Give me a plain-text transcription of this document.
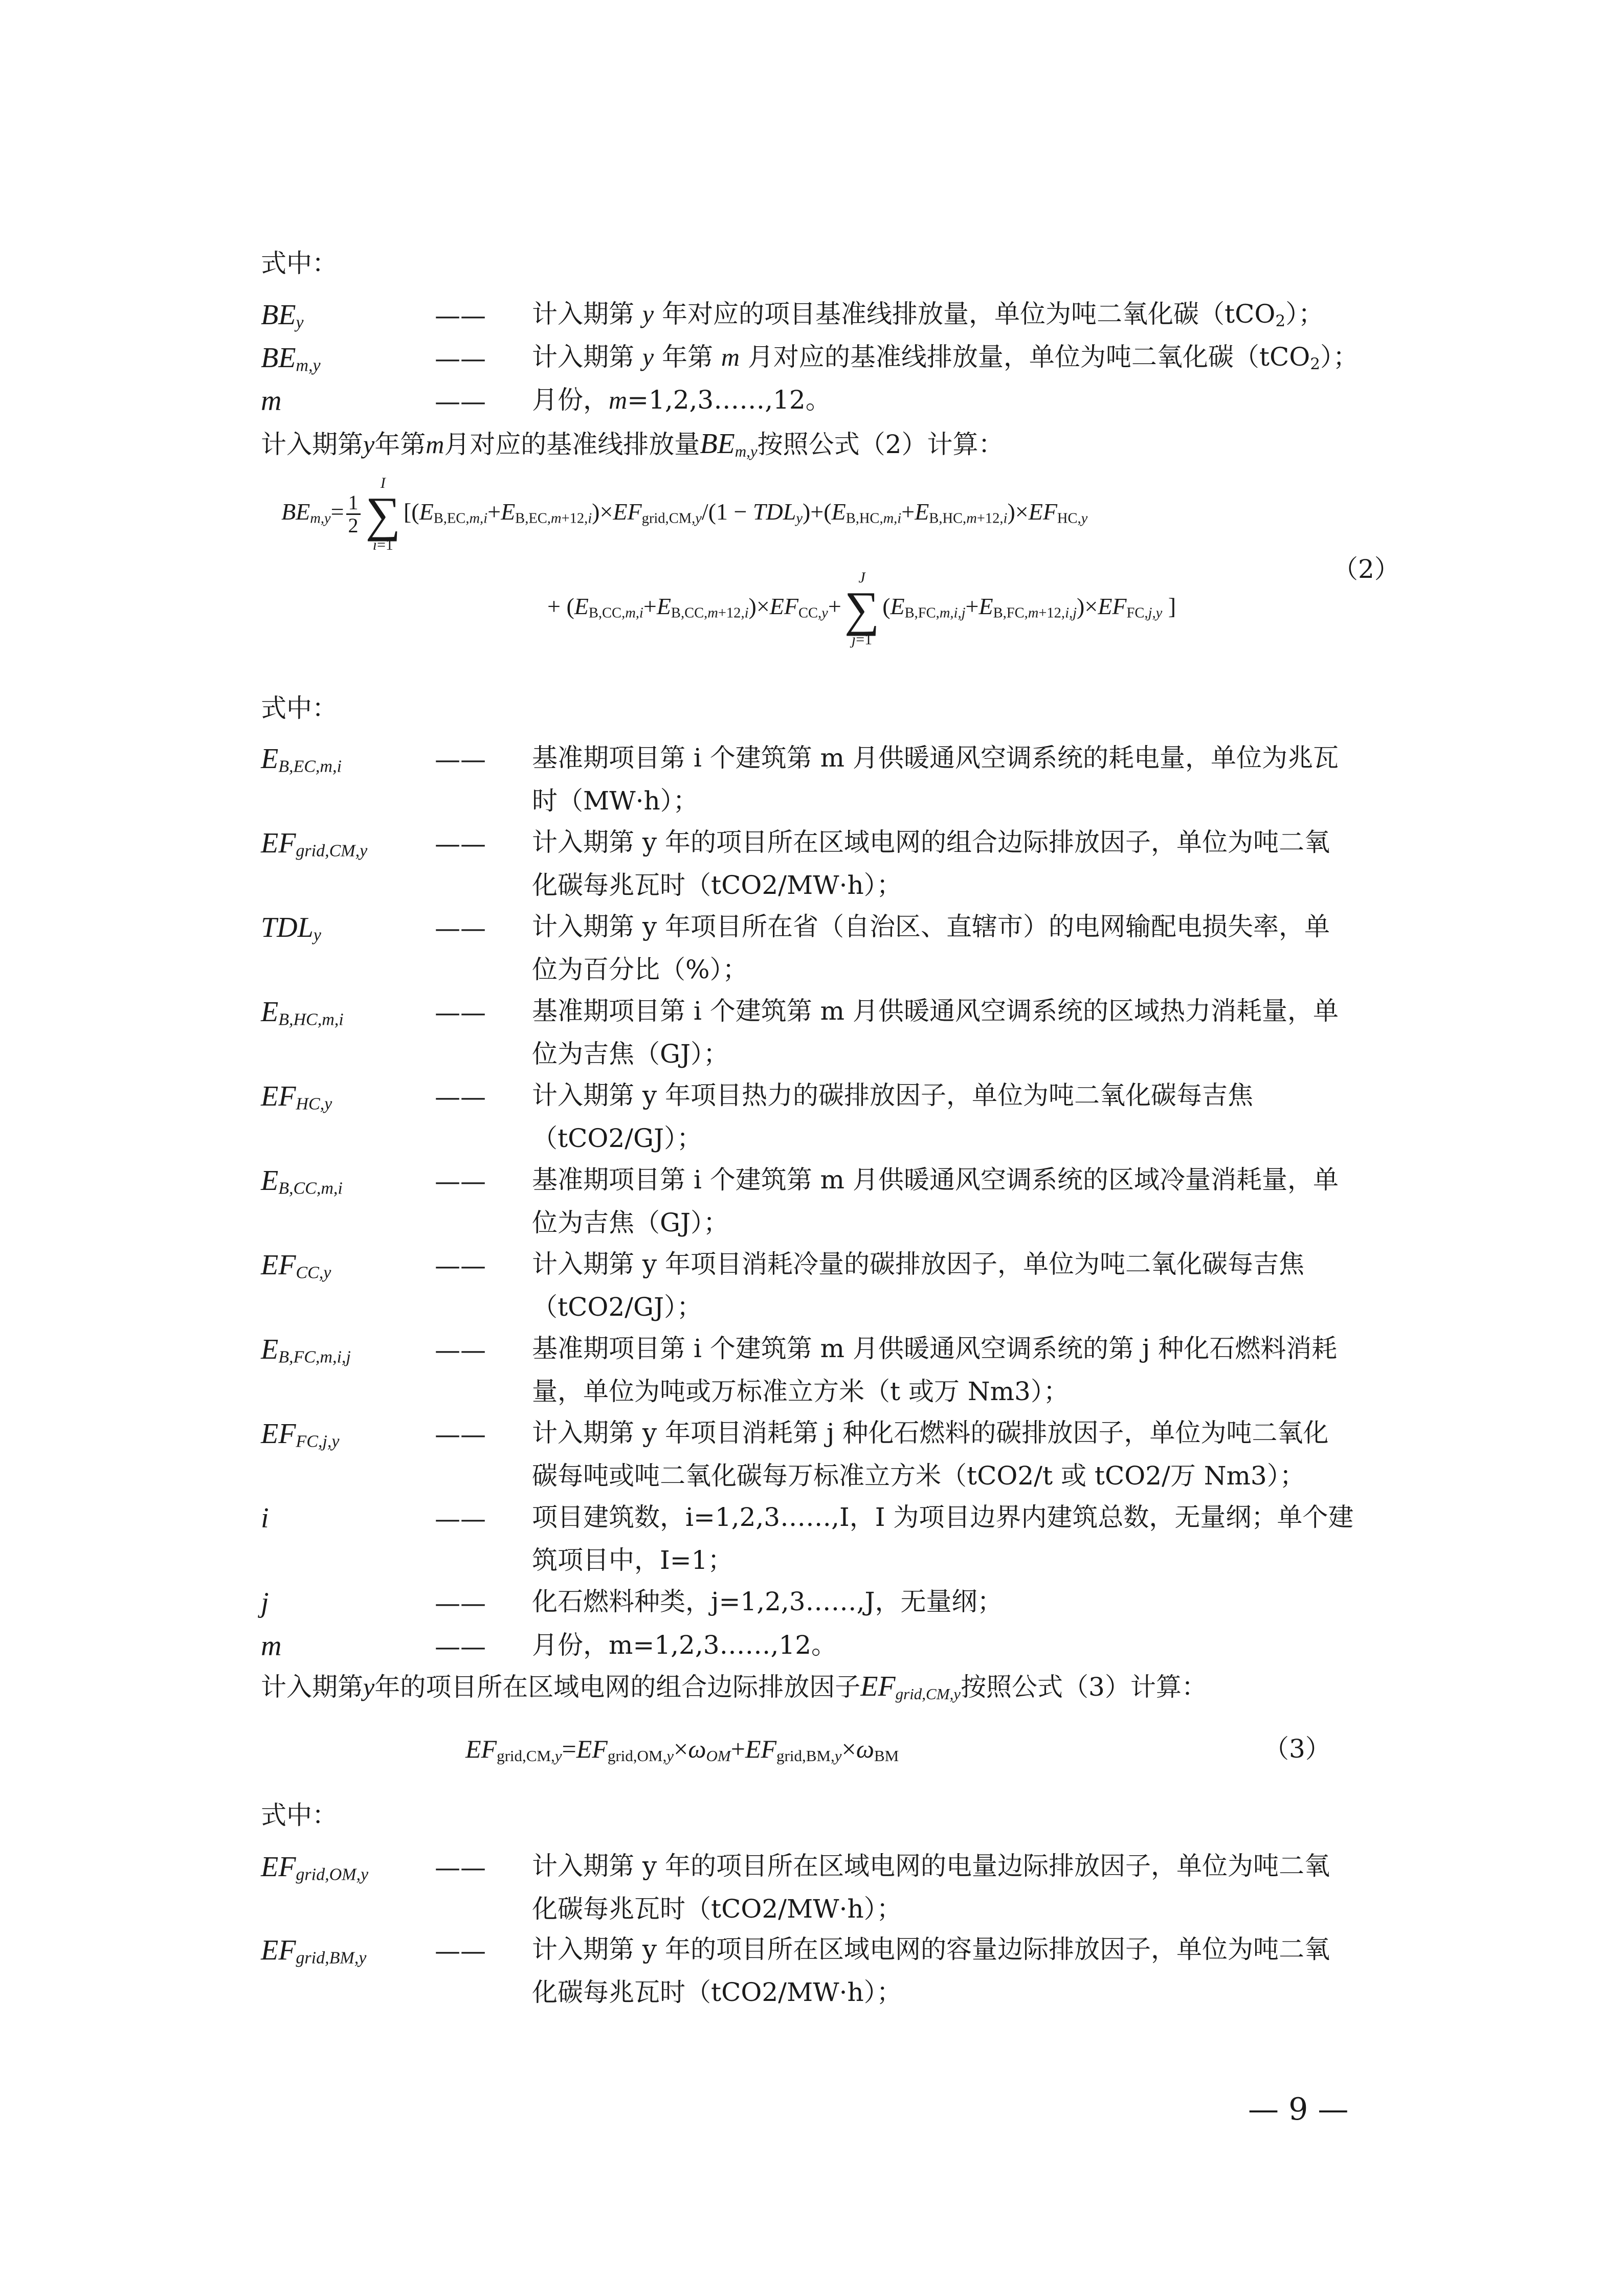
式中：
$BE_y$	—— 计入期第 y 年对应的项目基准线排放量，单位为吨二氧化碳（tCO$_2$）；
$BE_{m,y}$	—— 计入期第 y 年第 m 月对应的基准线排放量，单位为吨二氧化碳（tCO$_2$）；
m	—— 月份，m=1,2,3……,12。
计入期第y年第m月对应的基准线排放量$BE_{m,y}$按照公式（2）计算：
$BE_{m,y}= \frac{1}{2}$
I
∑
i=1
[$(E_{B,EC,m,i}+E_{B,EC,m+12,i})\times EF_{grid,CM,y}/(1 - TDL_y)+(E_{B,HC,m,i}+E_{B,HC,m+12,i})\times EF_{HC,y}$
（2）
+ $(E_{B,CC,m,i}+E_{B,CC,m+12,i})\times EF_{CC,y}+$
J
∑
j=1
$(E_{B,FC,m,i,j}+E_{B,FC,m+12,i,j})\times EF_{FC,j,y}$ ]
式中：
$E_{B,EC,m,i}$	—— 基准期项目第 i 个建筑第 m 月供暖通风空调系统的耗电量，单位为兆瓦
时（MW·h）；
$EF_{grid,CM,y}$	—— 计入期第 y 年的项目所在区域电网的组合边际排放因子，单位为吨二氧
化碳每兆瓦时（tCO2/MW·h）；
$TDL_y$	—— 计入期第 y 年项目所在省（自治区、直辖市）的电网输配电损失率，单
位为百分比（%）；
$E_{B,HC,m,i}$	—— 基准期项目第 i 个建筑第 m 月供暖通风空调系统的区域热力消耗量，单
位为吉焦（GJ）；
$EF_{HC,y}$	—— 计入期第 y 年项目热力的碳排放因子，单位为吨二氧化碳每吉焦
（tCO2/GJ）；
$E_{B,CC,m,i}$	—— 基准期项目第 i 个建筑第 m 月供暖通风空调系统的区域冷量消耗量，单
位为吉焦（GJ）；
$EF_{CC,y}$	—— 计入期第 y 年项目消耗冷量的碳排放因子，单位为吨二氧化碳每吉焦
（tCO2/GJ）；
$E_{B,FC,m,i,j}$	—— 基准期项目第 i 个建筑第 m 月供暖通风空调系统的第 j 种化石燃料消耗
量，单位为吨或万标准立方米（t 或万 Nm3）；
$EF_{FC,j,y}$	—— 计入期第 y 年项目消耗第 j 种化石燃料的碳排放因子，单位为吨二氧化
碳每吨或吨二氧化碳每万标准立方米（tCO2/t 或 tCO2/万 Nm3）；
i	—— 项目建筑数，i=1,2,3……,I，I 为项目边界内建筑总数，无量纲；单个建
筑项目中，I=1；
j	—— 化石燃料种类，j=1,2,3……,J，无量纲；
m	—— 月份，m=1,2,3……,12。
计入期第y年的项目所在区域电网的组合边际排放因子$EF_{grid,CM,y}$按照公式（3）计算：
$EF_{grid,CM,y}=EF_{grid,OM,y}\times\omega_{OM}+EF_{grid,BM,y}\times\omega_{BM}$	（3）
式中：
$EF_{grid,OM,y}$	—— 计入期第 y 年的项目所在区域电网的电量边际排放因子，单位为吨二氧
化碳每兆瓦时（tCO2/MW·h）；
$EF_{grid,BM,y}$	—— 计入期第 y 年的项目所在区域电网的容量边际排放因子，单位为吨二氧
化碳每兆瓦时（tCO2/MW·h）；
— 9 —
